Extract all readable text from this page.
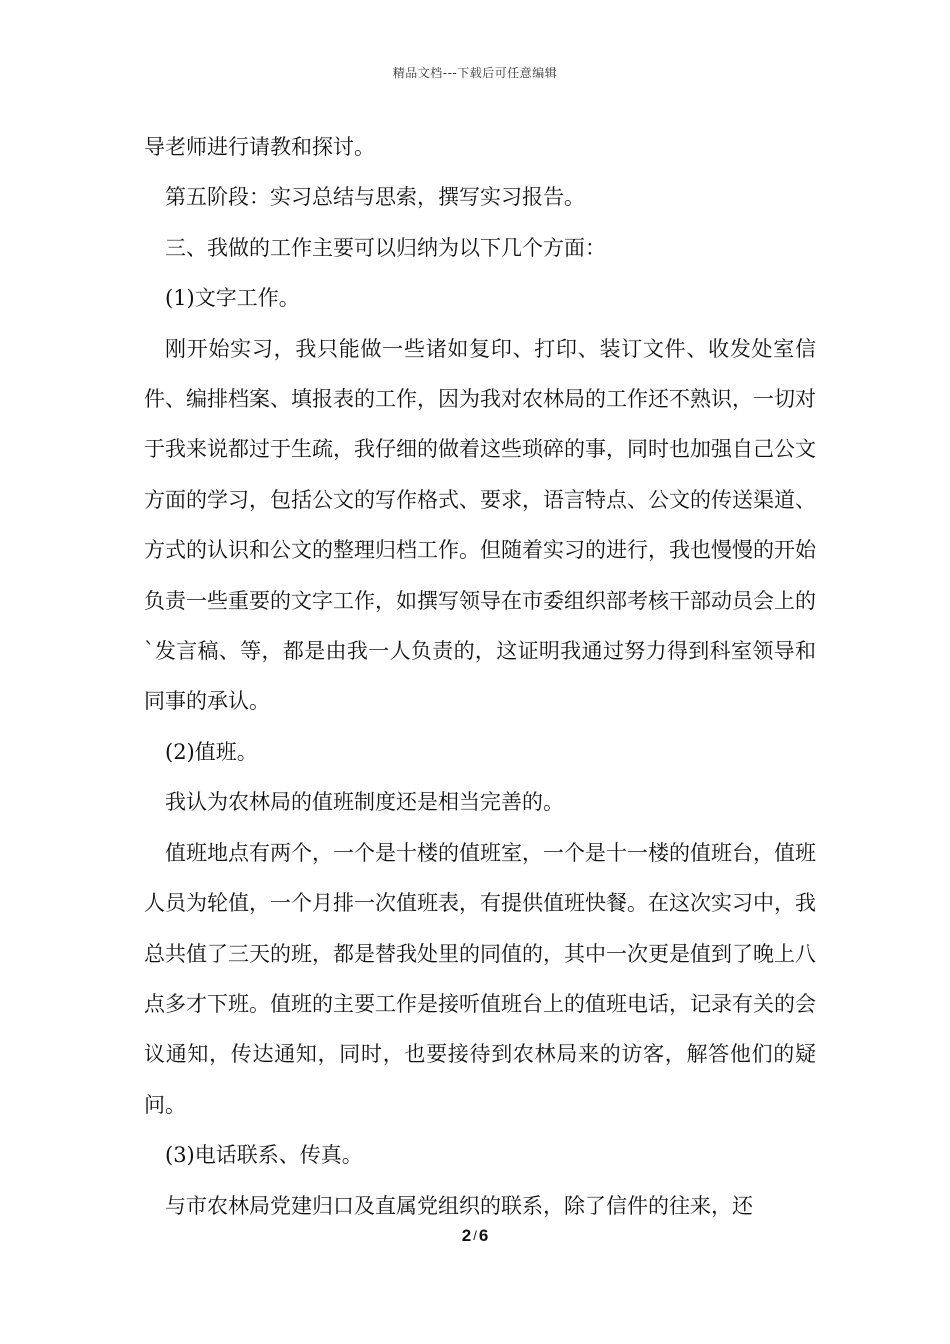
精品文档---下载后可任意编辑

导老师进行请教和探讨。

第五阶段：实习总结与思索，撰写实习报告。

三、我做的工作主要可以归纳为以下几个方面：

(1)文字工作。

刚开始实习，我只能做一些诸如复印、打印、装订文件、收发处室信件、编排档案、填报表的工作，因为我对农林局的工作还不熟识，一切对于我来说都过于生疏，我仔细的做着这些琐碎的事，同时也加强自己公文方面的学习，包括公文的写作格式、要求，语言特点、公文的传送渠道、方式的认识和公文的整理归档工作。但随着实习的进行，我也慢慢的开始负责一些重要的文字工作，如撰写领导在市委组织部考核干部动员会上的`发言稿、等，都是由我一人负责的，这证明我通过努力得到科室领导和同事的承认。

(2)值班。

我认为农林局的值班制度还是相当完善的。

值班地点有两个，一个是十楼的值班室，一个是十一楼的值班台，值班人员为轮值，一个月排一次值班表，有提供值班快餐。在这次实习中，我总共值了三天的班，都是替我处里的同值的，其中一次更是值到了晚上八点多才下班。值班的主要工作是接听值班台上的值班电话，记录有关的会议通知，传达通知，同时，也要接待到农林局来的访客，解答他们的疑问。

(3)电话联系、传真。

与市农林局党建归口及直属党组织的联系，除了信件的往来，还

2 / 6
